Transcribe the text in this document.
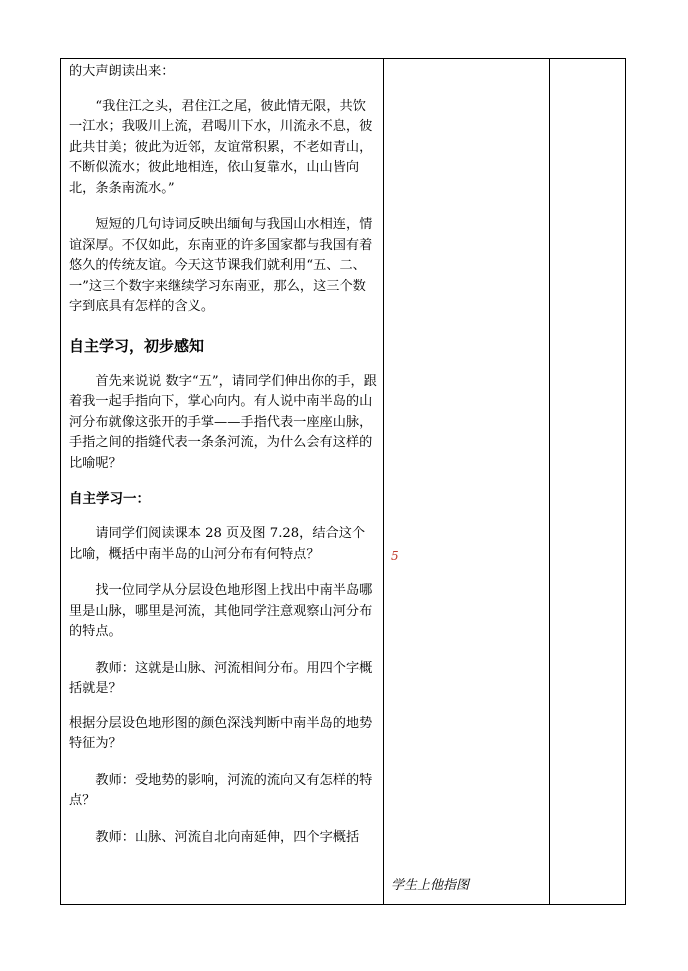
的大声朗读出来：

“我住江之头，君住江之尾，彼此情无限，共饮一江水；我吸川上流，君喝川下水，川流永不息，彼此共甘美；彼此为近邻，友谊常积累，不老如青山，不断似流水；彼此地相连，依山复靠水，山山皆向北，条条南流水。”

短短的几句诗词反映出缅甸与我国山水相连，情谊深厚。不仅如此，东南亚的许多国家都与我国有着悠久的传统友谊。今天这节课我们就利用“五、二、一”这三个数字来继续学习东南亚，那么，这三个数字到底具有怎样的含义。

自主学习，初步感知

首先来说说 数字“五”，请同学们伸出你的手，跟着我一起手指向下，掌心向内。有人说中南半岛的山河分布就像这张开的手掌——手指代表一座座山脉，手指之间的指缝代表一条条河流，为什么会有这样的比喻呢？

自主学习一：

请同学们阅读课本 28 页及图 7.28，结合这个比喻，概括中南半岛的山河分布有何特点？

找一位同学从分层设色地形图上找出中南半岛哪里是山脉，哪里是河流，其他同学注意观察山河分布的特点。

教师：这就是山脉、河流相间分布。用四个字概括就是？

根据分层设色地形图的颜色深浅判断中南半岛的地势特征为？

教师：受地势的影响，河流的流向又有怎样的特点？

教师：山脉、河流自北向南延伸，四个字概括

5
学生上他指图
